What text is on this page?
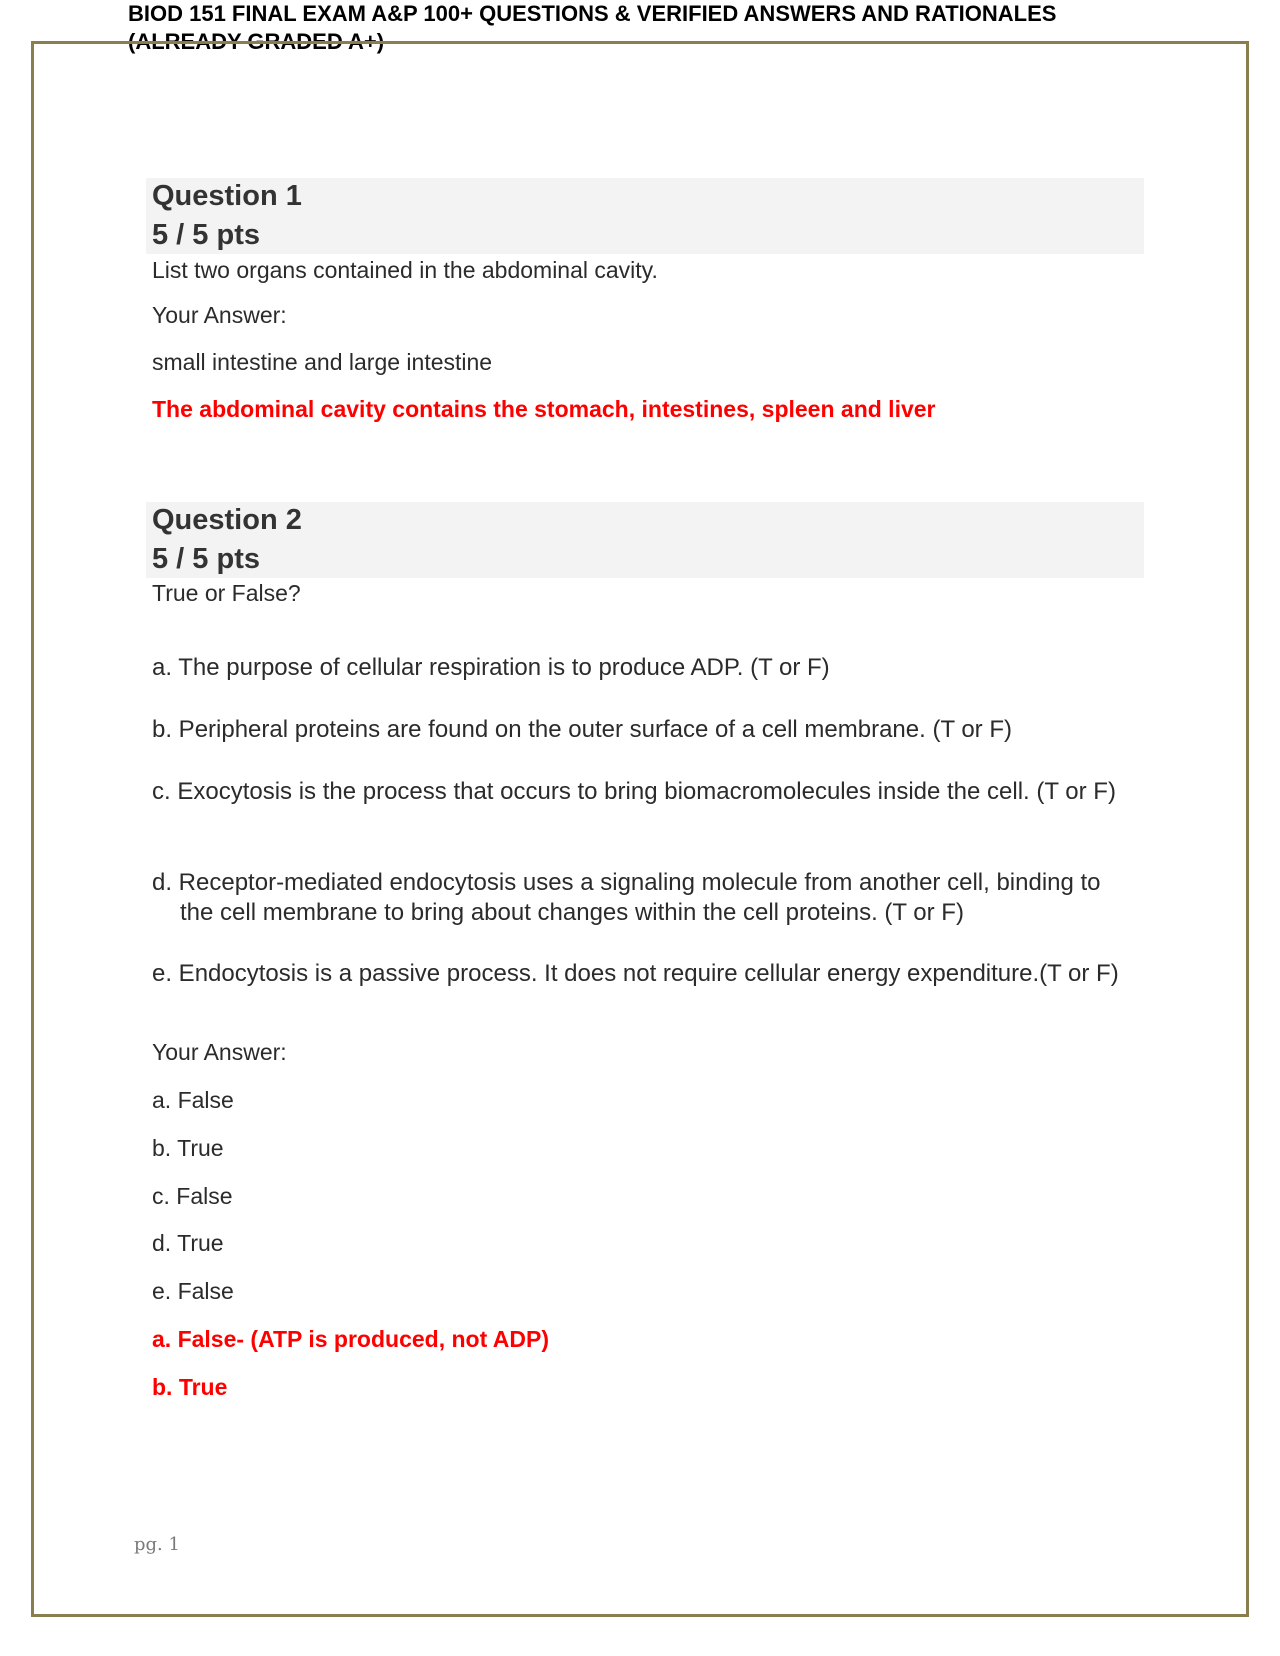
BIOD 151 FINAL EXAM A&P 100+ QUESTIONS & VERIFIED ANSWERS AND RATIONALES (ALREADY GRADED A+)
Question 1
5 / 5 pts
List two organs contained in the abdominal cavity.
Your Answer:
small intestine and large intestine
The abdominal cavity contains the stomach, intestines, spleen and liver
Question 2
5 / 5 pts
True or False?
a. The purpose of cellular respiration is to produce ADP. (T or F)
b. Peripheral proteins are found on the outer surface of a cell membrane. (T or F)
c. Exocytosis is the process that occurs to bring biomacromolecules inside the cell. (T or F)
d. Receptor-mediated endocytosis uses a signaling molecule from another cell, binding to the cell membrane to bring about changes within the cell proteins. (T or F)
e. Endocytosis is a passive process. It does not require cellular energy expenditure.(T or F)
Your Answer:
a. False
b. True
c. False
d. True
e. False
a. False- (ATP is produced, not ADP)
b. True
pg. 1
